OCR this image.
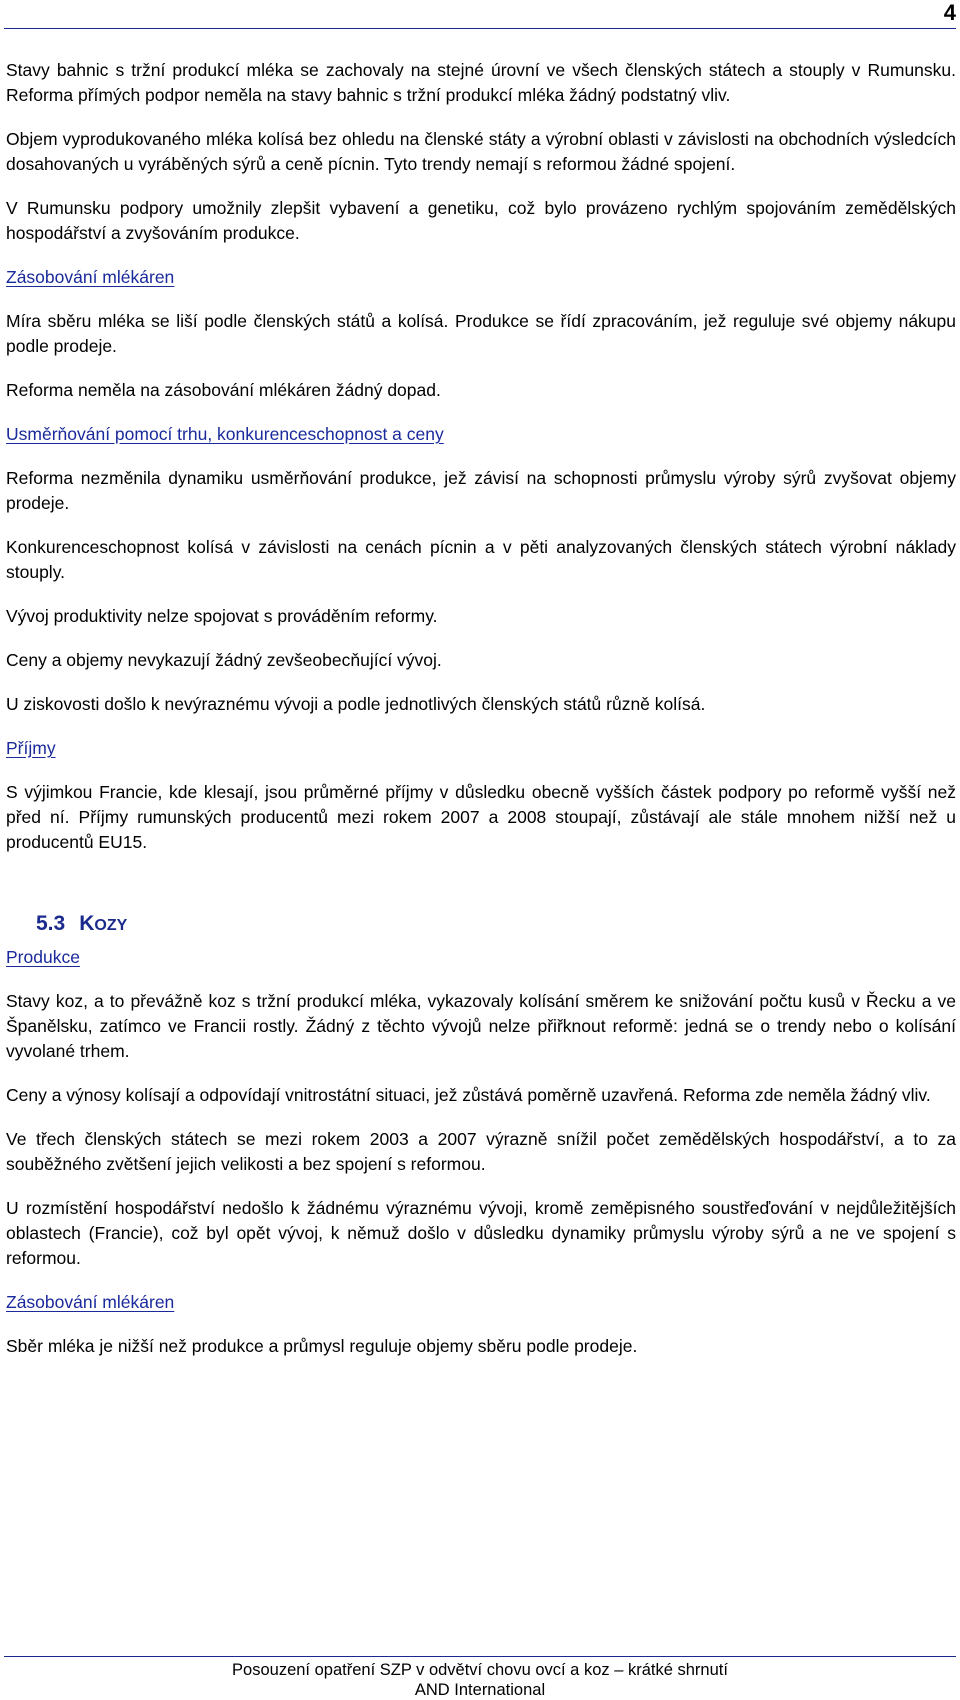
4

Stavy bahnic s tržní produkcí mléka se zachovaly na stejné úrovní ve všech členských státech a stouply v Rumunsku. Reforma přímých podpor neměla na stavy bahnic s tržní produkcí mléka žádný podstatný vliv.

Objem vyprodukovaného mléka kolísá bez ohledu na členské státy a výrobní oblasti v závislosti na obchodních výsledcích dosahovaných u vyráběných sýrů a ceně pícnin. Tyto trendy nemají s reformou žádné spojení.

V Rumunsku podpory umožnily zlepšit vybavení a genetiku, což bylo provázeno rychlým spojováním zemědělských hospodářství a zvyšováním produkce.

Zásobování mlékáren

Míra sběru mléka se liší podle členských států a kolísá. Produkce se řídí zpracováním, jež reguluje své objemy nákupu podle prodeje.

Reforma neměla na zásobování mlékáren žádný dopad.

Usměrňování pomocí trhu, konkurenceschopnost a ceny

Reforma nezměnila dynamiku usměrňování produkce, jež závisí na schopnosti průmyslu výroby sýrů zvyšovat objemy prodeje.

Konkurenceschopnost kolísá v závislosti na cenách pícnin a v pěti analyzovaných členských státech výrobní náklady stouply.

Vývoj produktivity nelze spojovat s prováděním reformy.

Ceny a objemy nevykazují žádný zevšeobecňující vývoj.

U ziskovosti došlo k nevýraznému vývoji a podle jednotlivých členských států různě kolísá.

Příjmy

S výjimkou Francie, kde klesají, jsou průměrné příjmy v důsledku obecně vyšších částek podpory po reformě vyšší než před ní. Příjmy rumunských producentů mezi rokem 2007 a 2008 stoupají, zůstávají ale stále mnohem nižší než u producentů EU15.

5.3 KOZY

Produkce

Stavy koz, a to převážně koz s tržní produkcí mléka, vykazovaly kolísání směrem ke snižování počtu kusů v Řecku a ve Španělsku, zatímco ve Francii rostly. Žádný z těchto vývojů nelze přiřknout reformě: jedná se o trendy nebo o kolísání vyvolané trhem.

Ceny a výnosy kolísají a odpovídají vnitrostátní situaci, jež zůstává poměrně uzavřená. Reforma zde neměla žádný vliv.

Ve třech členských státech se mezi rokem 2003 a 2007 výrazně snížil počet zemědělských hospodářství, a to za souběžného zvětšení jejich velikosti a bez spojení s reformou.

U rozmístění hospodářství nedošlo k žádnému výraznému vývoji, kromě zeměpisného soustřeďování v nejdůležitějších oblastech (Francie), což byl opět vývoj, k němuž došlo v důsledku dynamiky průmyslu výroby sýrů a ne ve spojení s reformou.

Zásobování mlékáren

Sběr mléka je nižší než produkce a průmysl reguluje objemy sběru podle prodeje.

Posouzení opatření SZP v odvětví chovu ovcí a koz – krátké shrnutí
AND International
